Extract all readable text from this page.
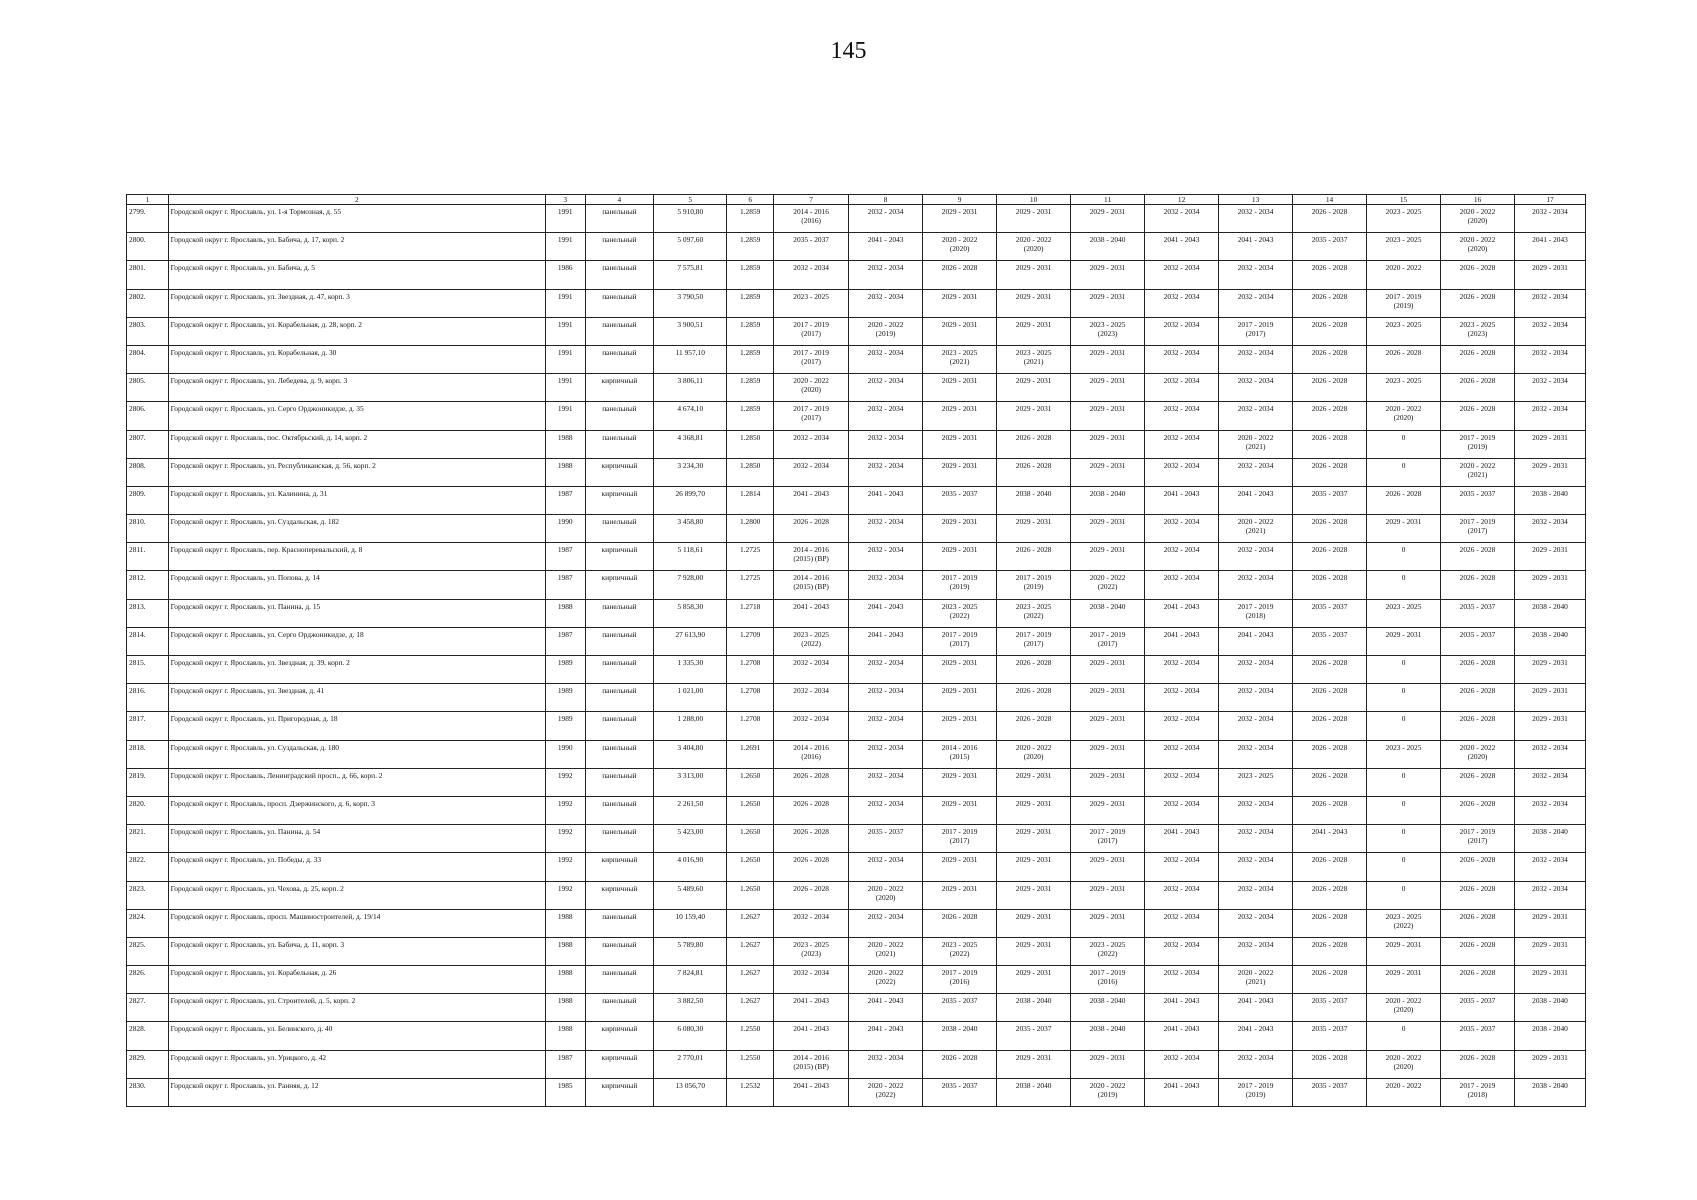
145
1	2	3	4	5	6	7	8	9	10	11	12	13	14	15	16	17
2799.	Городской округ г. Ярославль, ул. 1-я Тормозная, д. 55	1991	панельный	5 910,80	1.2859	2014 - 2016
(2016)	2032 - 2034	2029 - 2031	2029 - 2031	2029 - 2031	2032 - 2034	2032 - 2034	2026 - 2028	2023 - 2025	2020 - 2022
(2020)	2032 - 2034
2800.	Городской округ г. Ярославль, ул. Бабича, д. 17, корп. 2	1991	панельный	5 097,60	1.2859	2035 - 2037	2041 - 2043	2020 - 2022
(2020)	2020 - 2022
(2020)	2038 - 2040	2041 - 2043	2041 - 2043	2035 - 2037	2023 - 2025	2020 - 2022
(2020)	2041 - 2043
2801.	Городской округ г. Ярославль, ул. Бабича, д. 5	1986	панельный	7 575,81	1.2859	2032 - 2034	2032 - 2034	2026 - 2028	2029 - 2031	2029 - 2031	2032 - 2034	2032 - 2034	2026 - 2028	2020 - 2022	2026 - 2028	2029 - 2031
2802.	Городской округ г. Ярославль, ул. Звездная, д. 47, корп. 3	1991	панельный	3 790,50	1.2859	2023 - 2025	2032 - 2034	2029 - 2031	2029 - 2031	2029 - 2031	2032 - 2034	2032 - 2034	2026 - 2028	2017 - 2019
(2019)	2026 - 2028	2032 - 2034
2803.	Городской округ г. Ярославль, ул. Корабельная, д. 28, корп. 2	1991	панельный	3 900,51	1.2859	2017 - 2019
(2017)	2020 - 2022
(2019)	2029 - 2031	2029 - 2031	2023 - 2025
(2023)	2032 - 2034	2017 - 2019
(2017)	2026 - 2028	2023 - 2025	2023 - 2025
(2023)	2032 - 2034
2804.	Городской округ г. Ярославль, ул. Корабельная, д. 30	1991	панельный	11 957,10	1.2859	2017 - 2019
(2017)	2032 - 2034	2023 - 2025
(2021)	2023 - 2025
(2021)	2029 - 2031	2032 - 2034	2032 - 2034	2026 - 2028	2026 - 2028	2026 - 2028	2032 - 2034
2805.	Городской округ г. Ярославль, ул. Лебедева, д. 9, корп. 3	1991	кирпичный	3 806,11	1.2859	2020 - 2022
(2020)	2032 - 2034	2029 - 2031	2029 - 2031	2029 - 2031	2032 - 2034	2032 - 2034	2026 - 2028	2023 - 2025	2026 - 2028	2032 - 2034
2806.	Городской округ г. Ярославль, ул. Серго Орджоникидзе, д. 35	1991	панельный	4 674,10	1.2859	2017 - 2019
(2017)	2032 - 2034	2029 - 2031	2029 - 2031	2029 - 2031	2032 - 2034	2032 - 2034	2026 - 2028	2020 - 2022
(2020)	2026 - 2028	2032 - 2034
2807.	Городской округ г. Ярославль, пос. Октябрьский, д. 14, корп. 2	1988	панельный	4 368,81	1.2850	2032 - 2034	2032 - 2034	2029 - 2031	2026 - 2028	2029 - 2031	2032 - 2034	2020 - 2022
(2021)	2026 - 2028	0	2017 - 2019
(2019)	2029 - 2031
2808.	Городской округ г. Ярославль, ул. Республиканская, д. 56, корп. 2	1988	кирпичный	3 234,30	1.2850	2032 - 2034	2032 - 2034	2029 - 2031	2026 - 2028	2029 - 2031	2032 - 2034	2032 - 2034	2026 - 2028	0	2020 - 2022
(2021)	2029 - 2031
2809.	Городской округ г. Ярославль, ул. Калинина, д. 31	1987	кирпичный	26 899,70	1.2814	2041 - 2043	2041 - 2043	2035 - 2037	2038 - 2040	2038 - 2040	2041 - 2043	2041 - 2043	2035 - 2037	2026 - 2028	2035 - 2037	2038 - 2040
2810.	Городской округ г. Ярославль, ул. Суздальская, д. 182	1990	панельный	3 458,80	1.2800	2026 - 2028	2032 - 2034	2029 - 2031	2029 - 2031	2029 - 2031	2032 - 2034	2020 - 2022
(2021)	2026 - 2028	2029 - 2031	2017 - 2019
(2017)	2032 - 2034
2811.	Городской округ г. Ярославль, пер. Красноперевальский, д. 8	1987	кирпичный	5 118,61	1.2725	2014 - 2016
(2015) (ВР)	2032 - 2034	2029 - 2031	2026 - 2028	2029 - 2031	2032 - 2034	2032 - 2034	2026 - 2028	0	2026 - 2028	2029 - 2031
2812.	Городской округ г. Ярославль, ул. Попова, д. 14	1987	кирпичный	7 928,00	1.2725	2014 - 2016
(2015) (ВР)	2032 - 2034	2017 - 2019
(2019)	2017 - 2019
(2019)	2020 - 2022
(2022)	2032 - 2034	2032 - 2034	2026 - 2028	0	2026 - 2028	2029 - 2031
2813.	Городской округ г. Ярославль, ул. Панина, д. 15	1988	панельный	5 858,30	1.2718	2041 - 2043	2041 - 2043	2023 - 2025
(2022)	2023 - 2025
(2022)	2038 - 2040	2041 - 2043	2017 - 2019
(2018)	2035 - 2037	2023 - 2025	2035 - 2037	2038 - 2040
2814.	Городской округ г. Ярославль, ул. Серго Орджоникидзе, д. 18	1987	панельный	27 613,90	1.2709	2023 - 2025
(2022)	2041 - 2043	2017 - 2019
(2017)	2017 - 2019
(2017)	2017 - 2019
(2017)	2041 - 2043	2041 - 2043	2035 - 2037	2029 - 2031	2035 - 2037	2038 - 2040
2815.	Городской округ г. Ярославль, ул. Звездная, д. 39, корп. 2	1989	панельный	1 335,30	1.2708	2032 - 2034	2032 - 2034	2029 - 2031	2026 - 2028	2029 - 2031	2032 - 2034	2032 - 2034	2026 - 2028	0	2026 - 2028	2029 - 2031
2816.	Городской округ г. Ярославль, ул. Звездная, д. 41	1989	панельный	1 021,00	1.2708	2032 - 2034	2032 - 2034	2029 - 2031	2026 - 2028	2029 - 2031	2032 - 2034	2032 - 2034	2026 - 2028	0	2026 - 2028	2029 - 2031
2817.	Городской округ г. Ярославль, ул. Пригородная, д. 18	1989	панельный	1 288,00	1.2708	2032 - 2034	2032 - 2034	2029 - 2031	2026 - 2028	2029 - 2031	2032 - 2034	2032 - 2034	2026 - 2028	0	2026 - 2028	2029 - 2031
2818.	Городской округ г. Ярославль, ул. Суздальская, д. 180	1990	панельный	3 404,80	1.2691	2014 - 2016
(2016)	2032 - 2034	2014 - 2016
(2015)	2020 - 2022
(2020)	2029 - 2031	2032 - 2034	2032 - 2034	2026 - 2028	2023 - 2025	2020 - 2022
(2020)	2032 - 2034
2819.	Городской округ г. Ярославль, Ленинградский просп., д. 66, корп. 2	1992	панельный	3 313,00	1.2650	2026 - 2028	2032 - 2034	2029 - 2031	2029 - 2031	2029 - 2031	2032 - 2034	2023 - 2025	2026 - 2028	0	2026 - 2028	2032 - 2034
2820.	Городской округ г. Ярославль, просп. Дзержинского, д. 6, корп. 3	1992	панельный	2 261,50	1.2650	2026 - 2028	2032 - 2034	2029 - 2031	2029 - 2031	2029 - 2031	2032 - 2034	2032 - 2034	2026 - 2028	0	2026 - 2028	2032 - 2034
2821.	Городской округ г. Ярославль, ул. Панина, д. 54	1992	панельный	5 423,00	1.2650	2026 - 2028	2035 - 2037	2017 - 2019
(2017)	2029 - 2031	2017 - 2019
(2017)	2041 - 2043	2032 - 2034	2041 - 2043	0	2017 - 2019
(2017)	2038 - 2040
2822.	Городской округ г. Ярославль, ул. Победы, д. 33	1992	кирпичный	4 016,90	1.2650	2026 - 2028	2032 - 2034	2029 - 2031	2029 - 2031	2029 - 2031	2032 - 2034	2032 - 2034	2026 - 2028	0	2026 - 2028	2032 - 2034
2823.	Городской округ г. Ярославль, ул. Чехова, д. 25, корп. 2	1992	кирпичный	5 489,60	1.2650	2026 - 2028	2020 - 2022
(2020)	2029 - 2031	2029 - 2031	2029 - 2031	2032 - 2034	2032 - 2034	2026 - 2028	0	2026 - 2028	2032 - 2034
2824.	Городской округ г. Ярославль, просп. Машиностроителей, д. 19/14	1988	панельный	10 159,40	1.2627	2032 - 2034	2032 - 2034	2026 - 2028	2029 - 2031	2029 - 2031	2032 - 2034	2032 - 2034	2026 - 2028	2023 - 2025
(2022)	2026 - 2028	2029 - 2031
2825.	Городской округ г. Ярославль, ул. Бабича, д. 11, корп. 3	1988	панельный	5 789,80	1.2627	2023 - 2025
(2023)	2020 - 2022
(2021)	2023 - 2025
(2022)	2029 - 2031	2023 - 2025
(2022)	2032 - 2034	2032 - 2034	2026 - 2028	2029 - 2031	2026 - 2028	2029 - 2031
2826.	Городской округ г. Ярославль, ул. Корабельная, д. 26	1988	панельный	7 824,81	1.2627	2032 - 2034	2020 - 2022
(2022)	2017 - 2019
(2016)	2029 - 2031	2017 - 2019
(2016)	2032 - 2034	2020 - 2022
(2021)	2026 - 2028	2029 - 2031	2026 - 2028	2029 - 2031
2827.	Городской округ г. Ярославль, ул. Строителей, д. 5, корп. 2	1988	панельный	3 882,50	1.2627	2041 - 2043	2041 - 2043	2035 - 2037	2038 - 2040	2038 - 2040	2041 - 2043	2041 - 2043	2035 - 2037	2020 - 2022
(2020)	2035 - 2037	2038 - 2040
2828.	Городской округ г. Ярославль, ул. Белинского, д. 40	1988	кирпичный	6 080,30	1.2550	2041 - 2043	2041 - 2043	2038 - 2040	2035 - 2037	2038 - 2040	2041 - 2043	2041 - 2043	2035 - 2037	0	2035 - 2037	2038 - 2040
2829.	Городской округ г. Ярославль, ул. Урицкого, д. 42	1987	кирпичный	2 770,01	1.2550	2014 - 2016
(2015) (ВР)	2032 - 2034	2026 - 2028	2029 - 2031	2029 - 2031	2032 - 2034	2032 - 2034	2026 - 2028	2020 - 2022
(2020)	2026 - 2028	2029 - 2031
2830.	Городской округ г. Ярославль, ул. Ранняя, д. 12	1985	кирпичный	13 056,70	1.2532	2041 - 2043	2020 - 2022
(2022)	2035 - 2037	2038 - 2040	2020 - 2022
(2019)	2041 - 2043	2017 - 2019
(2019)	2035 - 2037	2020 - 2022	2017 - 2019
(2018)	2038 - 2040
